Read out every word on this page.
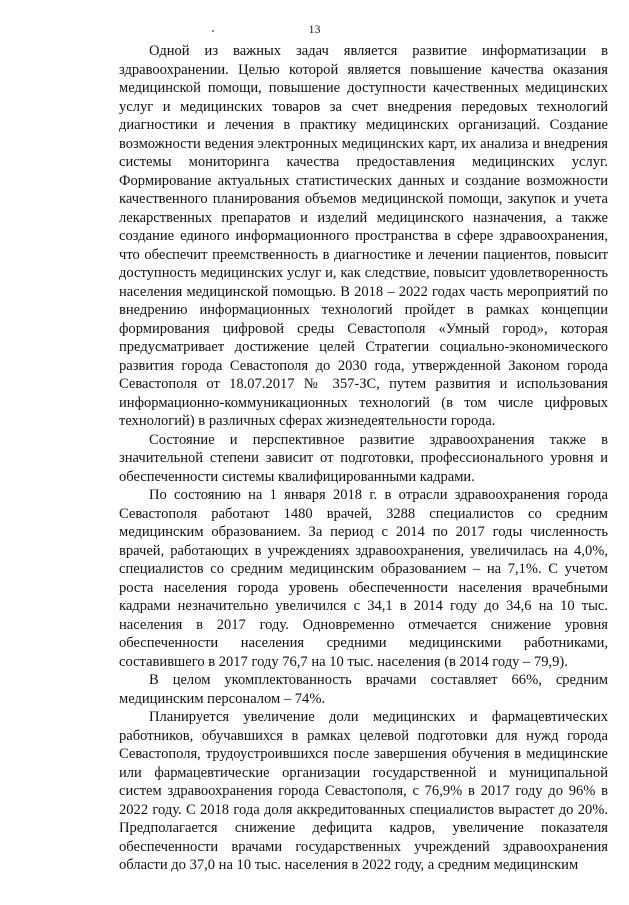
13

Одной из важных задач является развитие информатизации в здравоохранении. Целью которой является повышение качества оказания медицинской помощи, повышение доступности качественных медицинских услуг и медицинских товаров за счет внедрения передовых технологий диагностики и лечения в практику медицинских организаций. Создание возможности ведения электронных медицинских карт, их анализа и внедрения системы мониторинга качества предоставления медицинских услуг. Формирование актуальных статистических данных и создание возможности качественного планирования объемов медицинской помощи, закупок и учета лекарственных препаратов и изделий медицинского назначения, а также создание единого информационного пространства в сфере здравоохранения, что обеспечит преемственность в диагностике и лечении пациентов, повысит доступность медицинских услуг и, как следствие, повысит удовлетворенность населения медицинской помощью. В 2018 – 2022 годах часть мероприятий по внедрению информационных технологий пройдет в рамках концепции формирования цифровой среды Севастополя «Умный город», которая предусматривает достижение целей Стратегии социально-экономического развития города Севастополя до 2030 года, утвержденной Законом города Севастополя от 18.07.2017 № 357-ЗС, путем развития и использования информационно-коммуникационных технологий (в том числе цифровых технологий) в различных сферах жизнедеятельности города.

Состояние и перспективное развитие здравоохранения также в значительной степени зависит от подготовки, профессионального уровня и обеспеченности системы квалифицированными кадрами.

По состоянию на 1 января 2018 г. в отрасли здравоохранения города Севастополя работают 1480 врачей, 3288 специалистов со средним медицинским образованием. За период с 2014 по 2017 годы численность врачей, работающих в учреждениях здравоохранения, увеличилась на 4,0%, специалистов со средним медицинским образованием – на 7,1%. С учетом роста населения города уровень обеспеченности населения врачебными кадрами незначительно увеличился с 34,1 в 2014 году до 34,6 на 10 тыс. населения в 2017 году. Одновременно отмечается снижение уровня обеспеченности населения средними медицинскими работниками, составившего в 2017 году 76,7 на 10 тыс. населения (в 2014 году – 79,9).

В целом укомплектованность врачами составляет 66%, средним медицинским персоналом – 74%.

Планируется увеличение доли медицинских и фармацевтических работников, обучавшихся в рамках целевой подготовки для нужд города Севастополя, трудоустроившихся после завершения обучения в медицинские или фармацевтические организации государственной и муниципальной систем здравоохранения города Севастополя, с 76,9% в 2017 году до 96% в 2022 году. С 2018 года доля аккредитованных специалистов вырастет до 20%. Предполагается снижение дефицита кадров, увеличение показателя обеспеченности врачами государственных учреждений здравоохранения области до 37,0 на 10 тыс. населения в 2022 году, а средним медицинским
